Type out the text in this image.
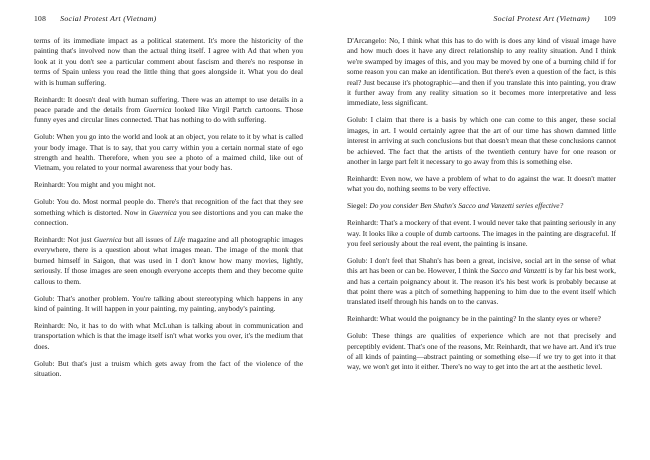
108 Social Protest Art (Vietnam)

terms of its immediate impact as a political statement. It's more the historicity of the painting that's involved now than the actual thing itself. I agree with Ad that when you look at it you don't see a particular comment about fascism and there's no response in terms of Spain unless you read the little thing that goes alongside it. What you do deal with is human suffering.

Reinhardt: It doesn't deal with human suffering. There was an attempt to use details in a peace parade and the details from Guernica looked like Virgil Partch cartoons. Those funny eyes and circular lines connected. That has nothing to do with suffering.

Golub: When you go into the world and look at an object, you relate to it by what is called your body image. That is to say, that you carry within you a certain normal state of ego strength and health. Therefore, when you see a photo of a maimed child, like out of Vietnam, you related to your normal awareness that your body has.

Reinhardt: You might and you might not.

Golub: You do. Most normal people do. There's that recognition of the fact that they see something which is distorted. Now in Guernica you see distortions and you can make the connection.

Reinhardt: Not just Guernica but all issues of Life magazine and all photographic images everywhere, there is a question about what images mean. The image of the monk that burned himself in Saigon, that was used in I don't know how many movies, lightly, seriously. If those images are seen enough everyone accepts them and they become quite callous to them.

Golub: That's another problem. You're talking about stereotyping which happens in any kind of painting. It will happen in your painting, my painting, anybody's painting.

Reinhardt: No, it has to do with what McLuhan is talking about in communication and transportation which is that the image itself isn't what works you over, it's the medium that does.

Golub: But that's just a truism which gets away from the fact of the violence of the situation.

Social Protest Art (Vietnam) 109

D'Arcangelo: No, I think what this has to do with is does any kind of visual image have and how much does it have any direct relationship to any reality situation. And I think we're swamped by images of this, and you may be moved by one of a burning child if for some reason you can make an identification. But there's even a question of the fact, is this real? Just because it's photographic—and then if you translate this into painting, you draw it further away from any reality situation so it becomes more interpretative and less immediate, less significant.

Golub: I claim that there is a basis by which one can come to this anger, these social images, in art. I would certainly agree that the art of our time has shown damned little interest in arriving at such conclusions but that doesn't mean that these conclusions cannot be achieved. The fact that the artists of the twentieth century have for one reason or another in large part felt it necessary to go away from this is something else.

Reinhardt: Even now, we have a problem of what to do against the war. It doesn't matter what you do, nothing seems to be very effective.

Siegel: Do you consider Ben Shahn's Sacco and Vanzetti series effective?

Reinhardt: That's a mockery of that event. I would never take that painting seriously in any way. It looks like a couple of dumb cartoons. The images in the painting are disgraceful. If you feel seriously about the real event, the painting is insane.

Golub: I don't feel that Shahn's has been a great, incisive, social art in the sense of what this art has been or can be. However, I think the Sacco and Vanzetti is by far his best work, and has a certain poignancy about it. The reason it's his best work is probably because at that point there was a pitch of something happening to him due to the event itself which translated itself through his hands on to the canvas.

Reinhardt: What would the poignancy be in the painting? In the slanty eyes or where?

Golub: These things are qualities of experience which are not that precisely and perceptibly evident. That's one of the reasons, Mr. Reinhardt, that we have art. And it's true of all kinds of painting—abstract painting or something else—if we try to get into it that way, we won't get into it either. There's no way to get into the art at the aesthetic level.
